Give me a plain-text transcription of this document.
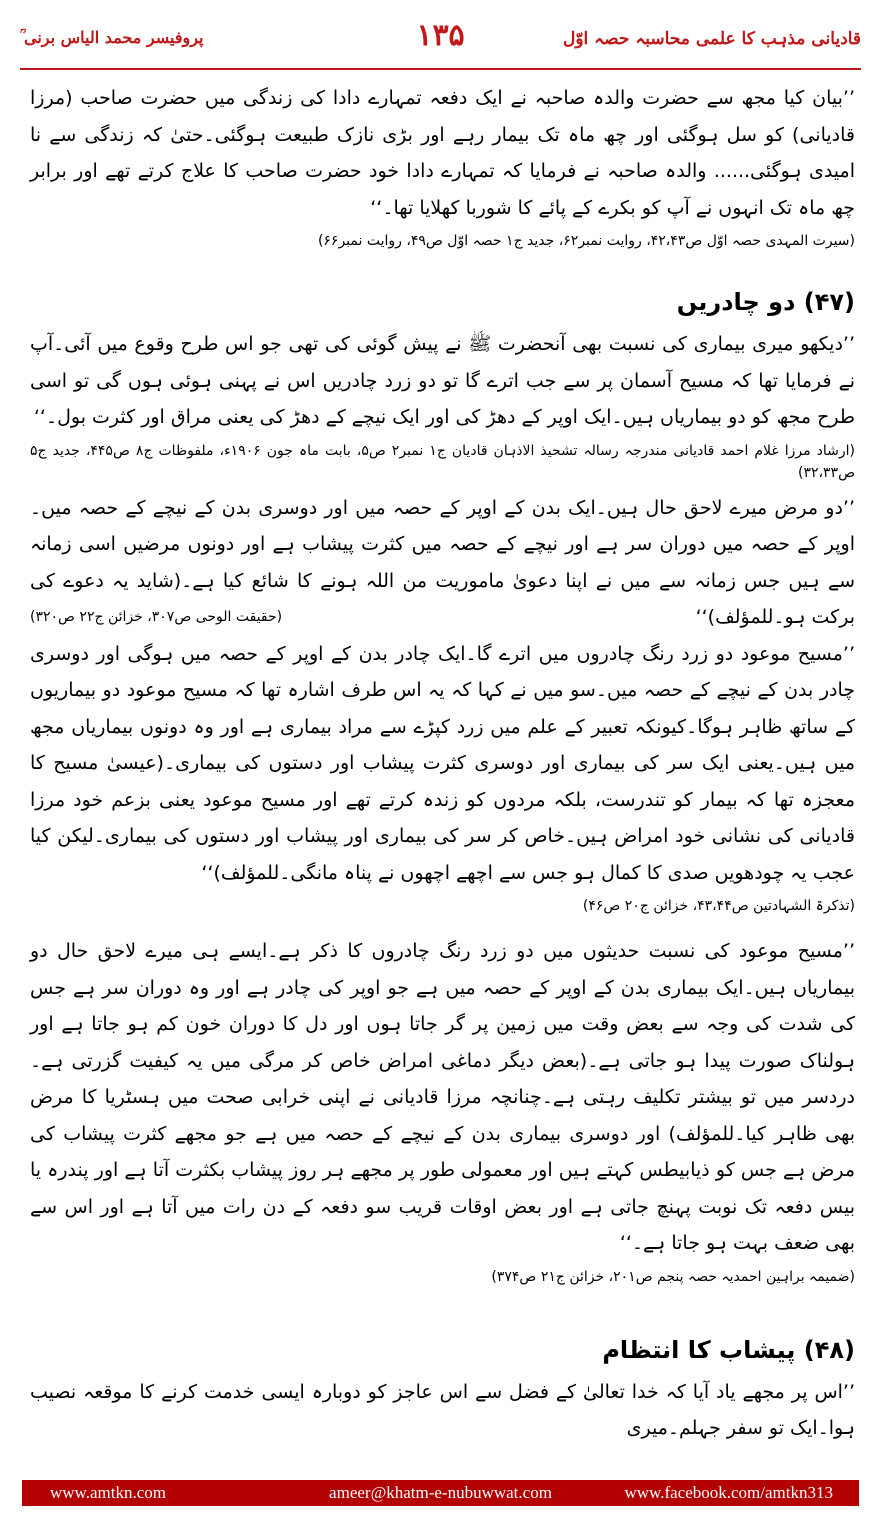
قادیانی مذہب کا علمی محاسبہ حصہ اوّل
۱۳۵
پروفیسر محمد الیاس برنی ؒ

’’بیان کیا مجھ سے حضرت والدہ صاحبہ نے ایک دفعہ تمہارے دادا کی زندگی میں حضرت صاحب (مرزا قادیانی) کو سل ہوگئی اور چھ ماہ تک بیمار رہے اور بڑی نازک طبیعت ہوگئی۔حتیٰ کہ زندگی سے نا امیدی ہوگئی...... والدہ صاحبہ نے فرمایا کہ تمہارے دادا خود حضرت صاحب کا علاج کرتے تھے اور برابر چھ ماہ تک انہوں نے آپ کو بکرے کے پائے کا شوربا کھلایا تھا۔‘‘

(سیرت المہدی حصہ اوّل ص۴۲،۴۳، روایت نمبر۶۲، جدید ج۱ حصہ اوّل ص۴۹، روایت نمبر۶۶)

(۴۷) دو چادریں

’’دیکھو میری بیماری کی نسبت بھی آنحضرت ﷺ نے پیش گوئی کی تھی جو اس طرح وقوع میں آئی۔آپ نے فرمایا تھا کہ مسیح آسمان پر سے جب اترے گا تو دو زرد چادریں اس نے پہنی ہوئی ہوں گی تو اسی طرح مجھ کو دو بیماریاں ہیں۔ایک اوپر کے دھڑ کی اور ایک نیچے کے دھڑ کی یعنی مراق اور کثرت بول۔‘‘

(ارشاد مرزا غلام احمد قادیانی مندرجہ رسالہ تشحیذ الاذہان قادیان ج۱ نمبر۲ ص۵، بابت ماہ جون ۱۹۰۶ء، ملفوظات ج۸ ص۴۴۵، جدید ج۵ ص۳۲،۳۳)

’’دو مرض میرے لاحق حال ہیں۔ایک بدن کے اوپر کے حصہ میں اور دوسری بدن کے نیچے کے حصہ میں۔اوپر کے حصہ میں دوران سر ہے اور نیچے کے حصہ میں کثرت پیشاب ہے اور دونوں مرضیں اسی زمانہ سے ہیں جس زمانہ سے میں نے اپنا دعویٰ ماموریت من اللہ ہونے کا شائع کیا ہے۔(شاید یہ دعوے کی برکت ہو۔للمؤلف)‘‘
(حقیقت الوحی ص۳۰۷، خزائن ج۲۲ ص۳۲۰)

’’مسیح موعود دو زرد رنگ چادروں میں اترے گا۔ایک چادر بدن کے اوپر کے حصہ میں ہوگی اور دوسری چادر بدن کے نیچے کے حصہ میں۔سو میں نے کہا کہ یہ اس طرف اشارہ تھا کہ مسیح موعود دو بیماریوں کے ساتھ ظاہر ہوگا۔کیونکہ تعبیر کے علم میں زرد کپڑے سے مراد بیماری ہے اور وہ دونوں بیماریاں مجھ میں ہیں۔یعنی ایک سر کی بیماری اور دوسری کثرت پیشاب اور دستوں کی بیماری۔(عیسیٰ مسیح کا معجزہ تھا کہ بیمار کو تندرست، بلکہ مردوں کو زندہ کرتے تھے اور مسیح موعود یعنی بزعم خود مرزا قادیانی کی نشانی خود امراض ہیں۔خاص کر سر کی بیماری اور پیشاب اور دستوں کی بیماری۔لیکن کیا عجب یہ چودھویں صدی کا کمال ہو جس سے اچھے اچھوں نے پناہ مانگی۔للمؤلف)‘‘

(تذکرۃ الشہادتین ص۴۳،۴۴، خزائن ج۲۰ ص۴۶)

’’مسیح موعود کی نسبت حدیثوں میں دو زرد رنگ چادروں کا ذکر ہے۔ایسے ہی میرے لاحق حال دو بیماریاں ہیں۔ایک بیماری بدن کے اوپر کے حصہ میں ہے جو اوپر کی چادر ہے اور وہ دوران سر ہے جس کی شدت کی وجہ سے بعض وقت میں زمین پر گر جاتا ہوں اور دل کا دوران خون کم ہو جاتا ہے اور ہولناک صورت پیدا ہو جاتی ہے۔(بعض دیگر دماغی امراض خاص کر مرگی میں یہ کیفیت گزرتی ہے۔دردسر میں تو بیشتر تکلیف رہتی ہے۔چنانچہ مرزا قادیانی نے اپنی خرابی صحت میں ہسٹریا کا مرض بھی ظاہر کیا۔للمؤلف) اور دوسری بیماری بدن کے نیچے کے حصہ میں ہے جو مجھے کثرت پیشاب کی مرض ہے جس کو ذیابیطس کہتے ہیں اور معمولی طور پر مجھے ہر روز پیشاب بکثرت آتا ہے اور پندرہ یا بیس دفعہ تک نوبت پہنچ جاتی ہے اور بعض اوقات قریب سو دفعہ کے دن رات میں آتا ہے اور اس سے بھی ضعف بہت ہو جاتا ہے۔‘‘

(ضمیمہ براہین احمدیہ حصہ پنجم ص۲۰۱، خزائن ج۲۱ ص۳۷۴)

(۴۸) پیشاب کا انتظام

’’اس پر مجھے یاد آیا کہ خدا تعالیٰ کے فضل سے اس عاجز کو دوبارہ ایسی خدمت کرنے کا موقعہ نصیب ہوا۔ایک تو سفر جہلم۔میری

www.amtkn.com	ameer@khatm-e-nubuwwat.com	www.facebook.com/amtkn313
